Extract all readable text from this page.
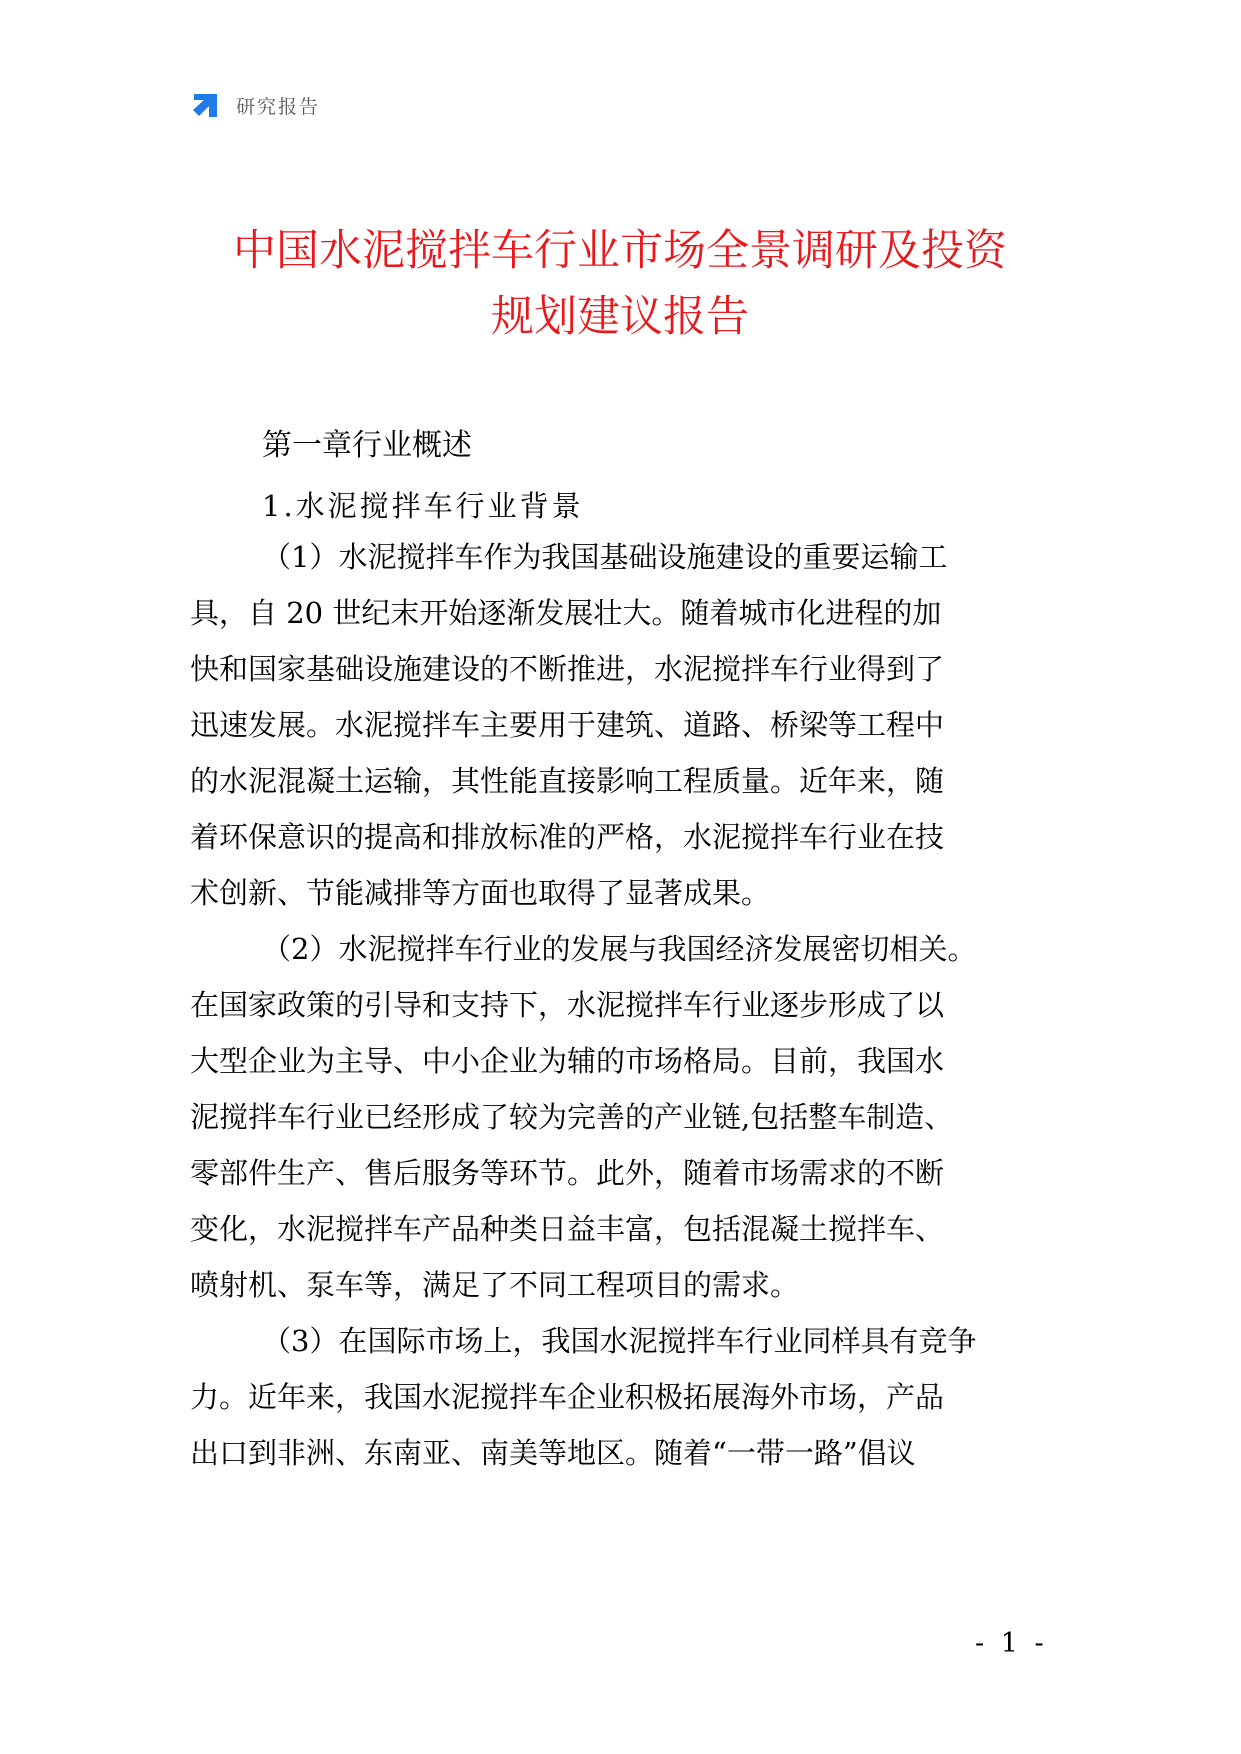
研究报告
中国水泥搅拌车行业市场全景调研及投资
规划建议报告
第一章行业概述
1.水泥搅拌车行业背景
（1）水泥搅拌车作为我国基础设施建设的重要运输工
具，自 20 世纪末开始逐渐发展壮大。随着城市化进程的加
快和国家基础设施建设的不断推进，水泥搅拌车行业得到了
迅速发展。水泥搅拌车主要用于建筑、道路、桥梁等工程中
的水泥混凝土运输，其性能直接影响工程质量。近年来，随
着环保意识的提高和排放标准的严格，水泥搅拌车行业在技
术创新、节能减排等方面也取得了显著成果。
（2）水泥搅拌车行业的发展与我国经济发展密切相关。
在国家政策的引导和支持下，水泥搅拌车行业逐步形成了以
大型企业为主导、中小企业为辅的市场格局。目前，我国水
泥搅拌车行业已经形成了较为完善的产业链,包括整车制造、
零部件生产、售后服务等环节。此外，随着市场需求的不断
变化，水泥搅拌车产品种类日益丰富，包括混凝土搅拌车、
喷射机、泵车等，满足了不同工程项目的需求。
（3）在国际市场上，我国水泥搅拌车行业同样具有竞争
力。近年来，我国水泥搅拌车企业积极拓展海外市场，产品
出口到非洲、东南亚、南美等地区。随着“一带一路”倡议
- 1 -
